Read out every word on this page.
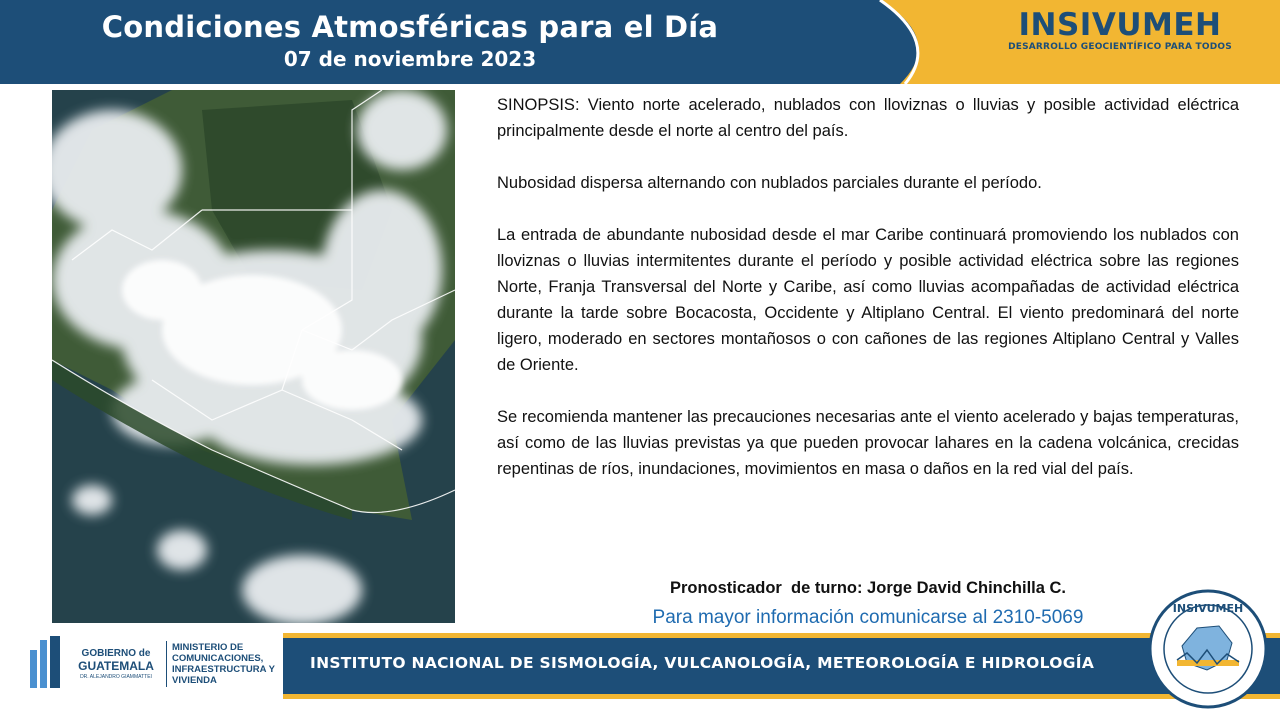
Condiciones Atmosféricas para el Día
07 de noviembre 2023
INSIVUMEH
DESARROLLO GEOCIENTÍFICO PARA TODOS

SINOPSIS: Viento norte acelerado, nublados con lloviznas o lluvias y posible actividad eléctrica principalmente desde el norte al centro del país.

Nubosidad dispersa alternando con nublados parciales durante el período.

La entrada de abundante nubosidad desde el mar Caribe continuará promoviendo los nublados con lloviznas o lluvias intermitentes durante el período y posible actividad eléctrica sobre las regiones Norte, Franja Transversal del Norte y Caribe, así como lluvias acompañadas de actividad eléctrica durante la tarde sobre Bocacosta, Occidente y Altiplano Central. El viento predominará del norte ligero, moderado en sectores montañosos o con cañones de las regiones Altiplano Central y Valles de Oriente.

Se recomienda mantener las precauciones necesarias ante el viento acelerado y bajas temperaturas, así como de las lluvias previstas ya que pueden provocar lahares en la cadena volcánica, crecidas repentinas de ríos, inundaciones, movimientos en masa o daños en la red vial del país.

Pronosticador  de turno: Jorge David Chinchilla C.
Para mayor información comunicarse al 2310-5069
GOBIERNO de
GUATEMALA
DR. ALEJANDRO GIAMMATTEI
MINISTERIO DE COMUNICACIONES, INFRAESTRUCTURA Y VIVIENDA
INSTITUTO NACIONAL DE SISMOLOGÍA, VULCANOLOGÍA, METEOROLOGÍA E HIDROLOGÍA
INSIVUMEH
